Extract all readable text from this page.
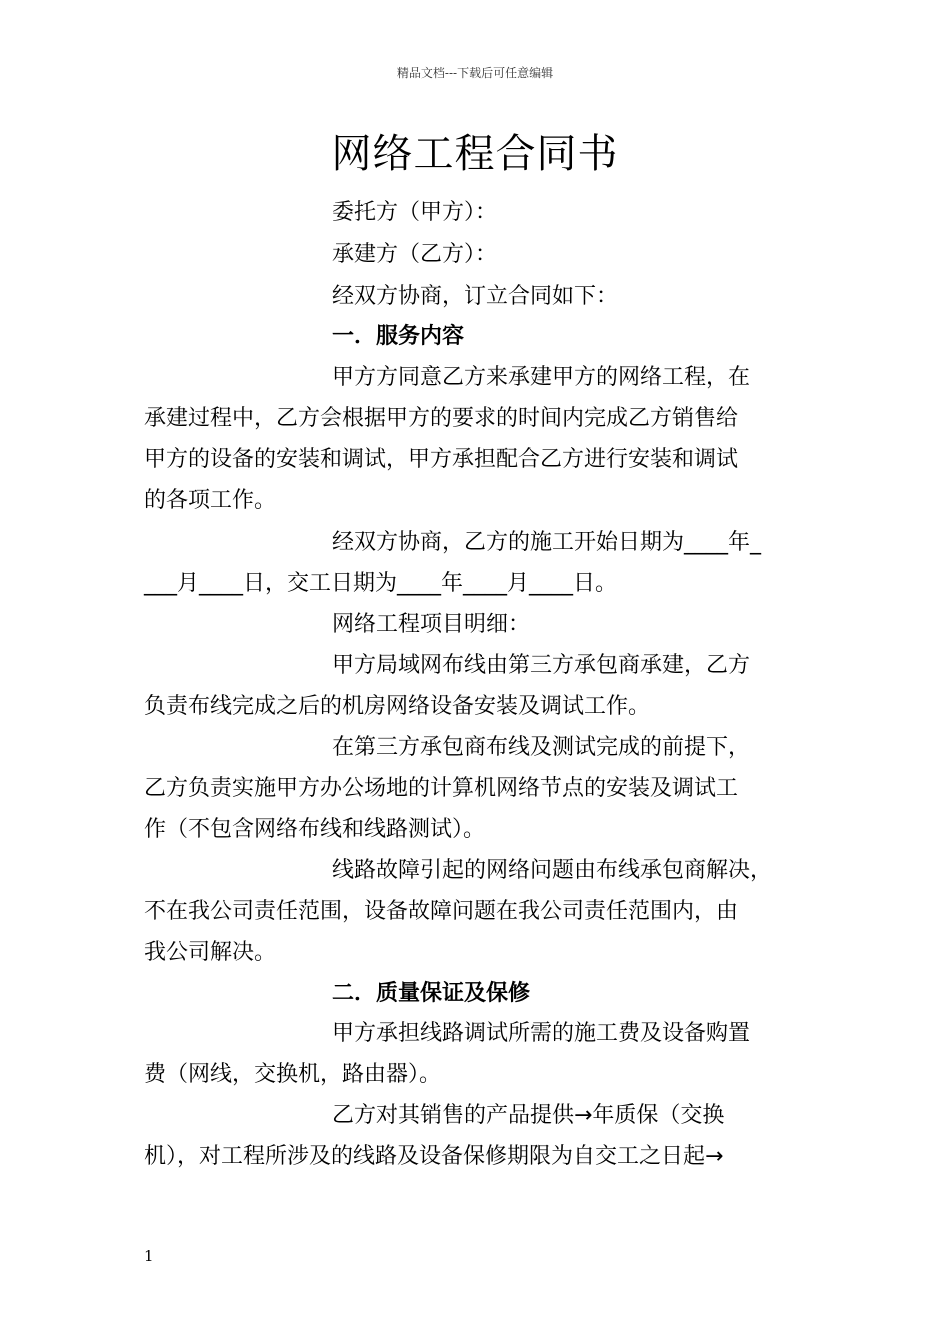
精品文档---下载后可任意编辑
网络工程合同书
委托方（甲方）：
承建方（乙方）：
经双方协商，订立合同如下：
一．服务内容
甲方方同意乙方来承建甲方的网络工程，在
承建过程中，乙方会根据甲方的要求的时间内完成乙方销售给
甲方的设备的安装和调试，甲方承担配合乙方进行安装和调试
的各项工作。
经双方协商，乙方的施工开始日期为____年_
___月____日，交工日期为____年____月____日。
网络工程项目明细：
甲方局域网布线由第三方承包商承建，乙方
负责布线完成之后的机房网络设备安装及调试工作。
在第三方承包商布线及测试完成的前提下，
乙方负责实施甲方办公场地的计算机网络节点的安装及调试工
作（不包含网络布线和线路测试）。
线路故障引起的网络问题由布线承包商解决，
不在我公司责任范围，设备故障问题在我公司责任范围内，由
我公司解决。
二．质量保证及保修
甲方承担线路调试所需的施工费及设备购置
费（网线，交换机，路由器）。
乙方对其销售的产品提供→年质保（交换
机），对工程所涉及的线路及设备保修期限为自交工之日起→
1
